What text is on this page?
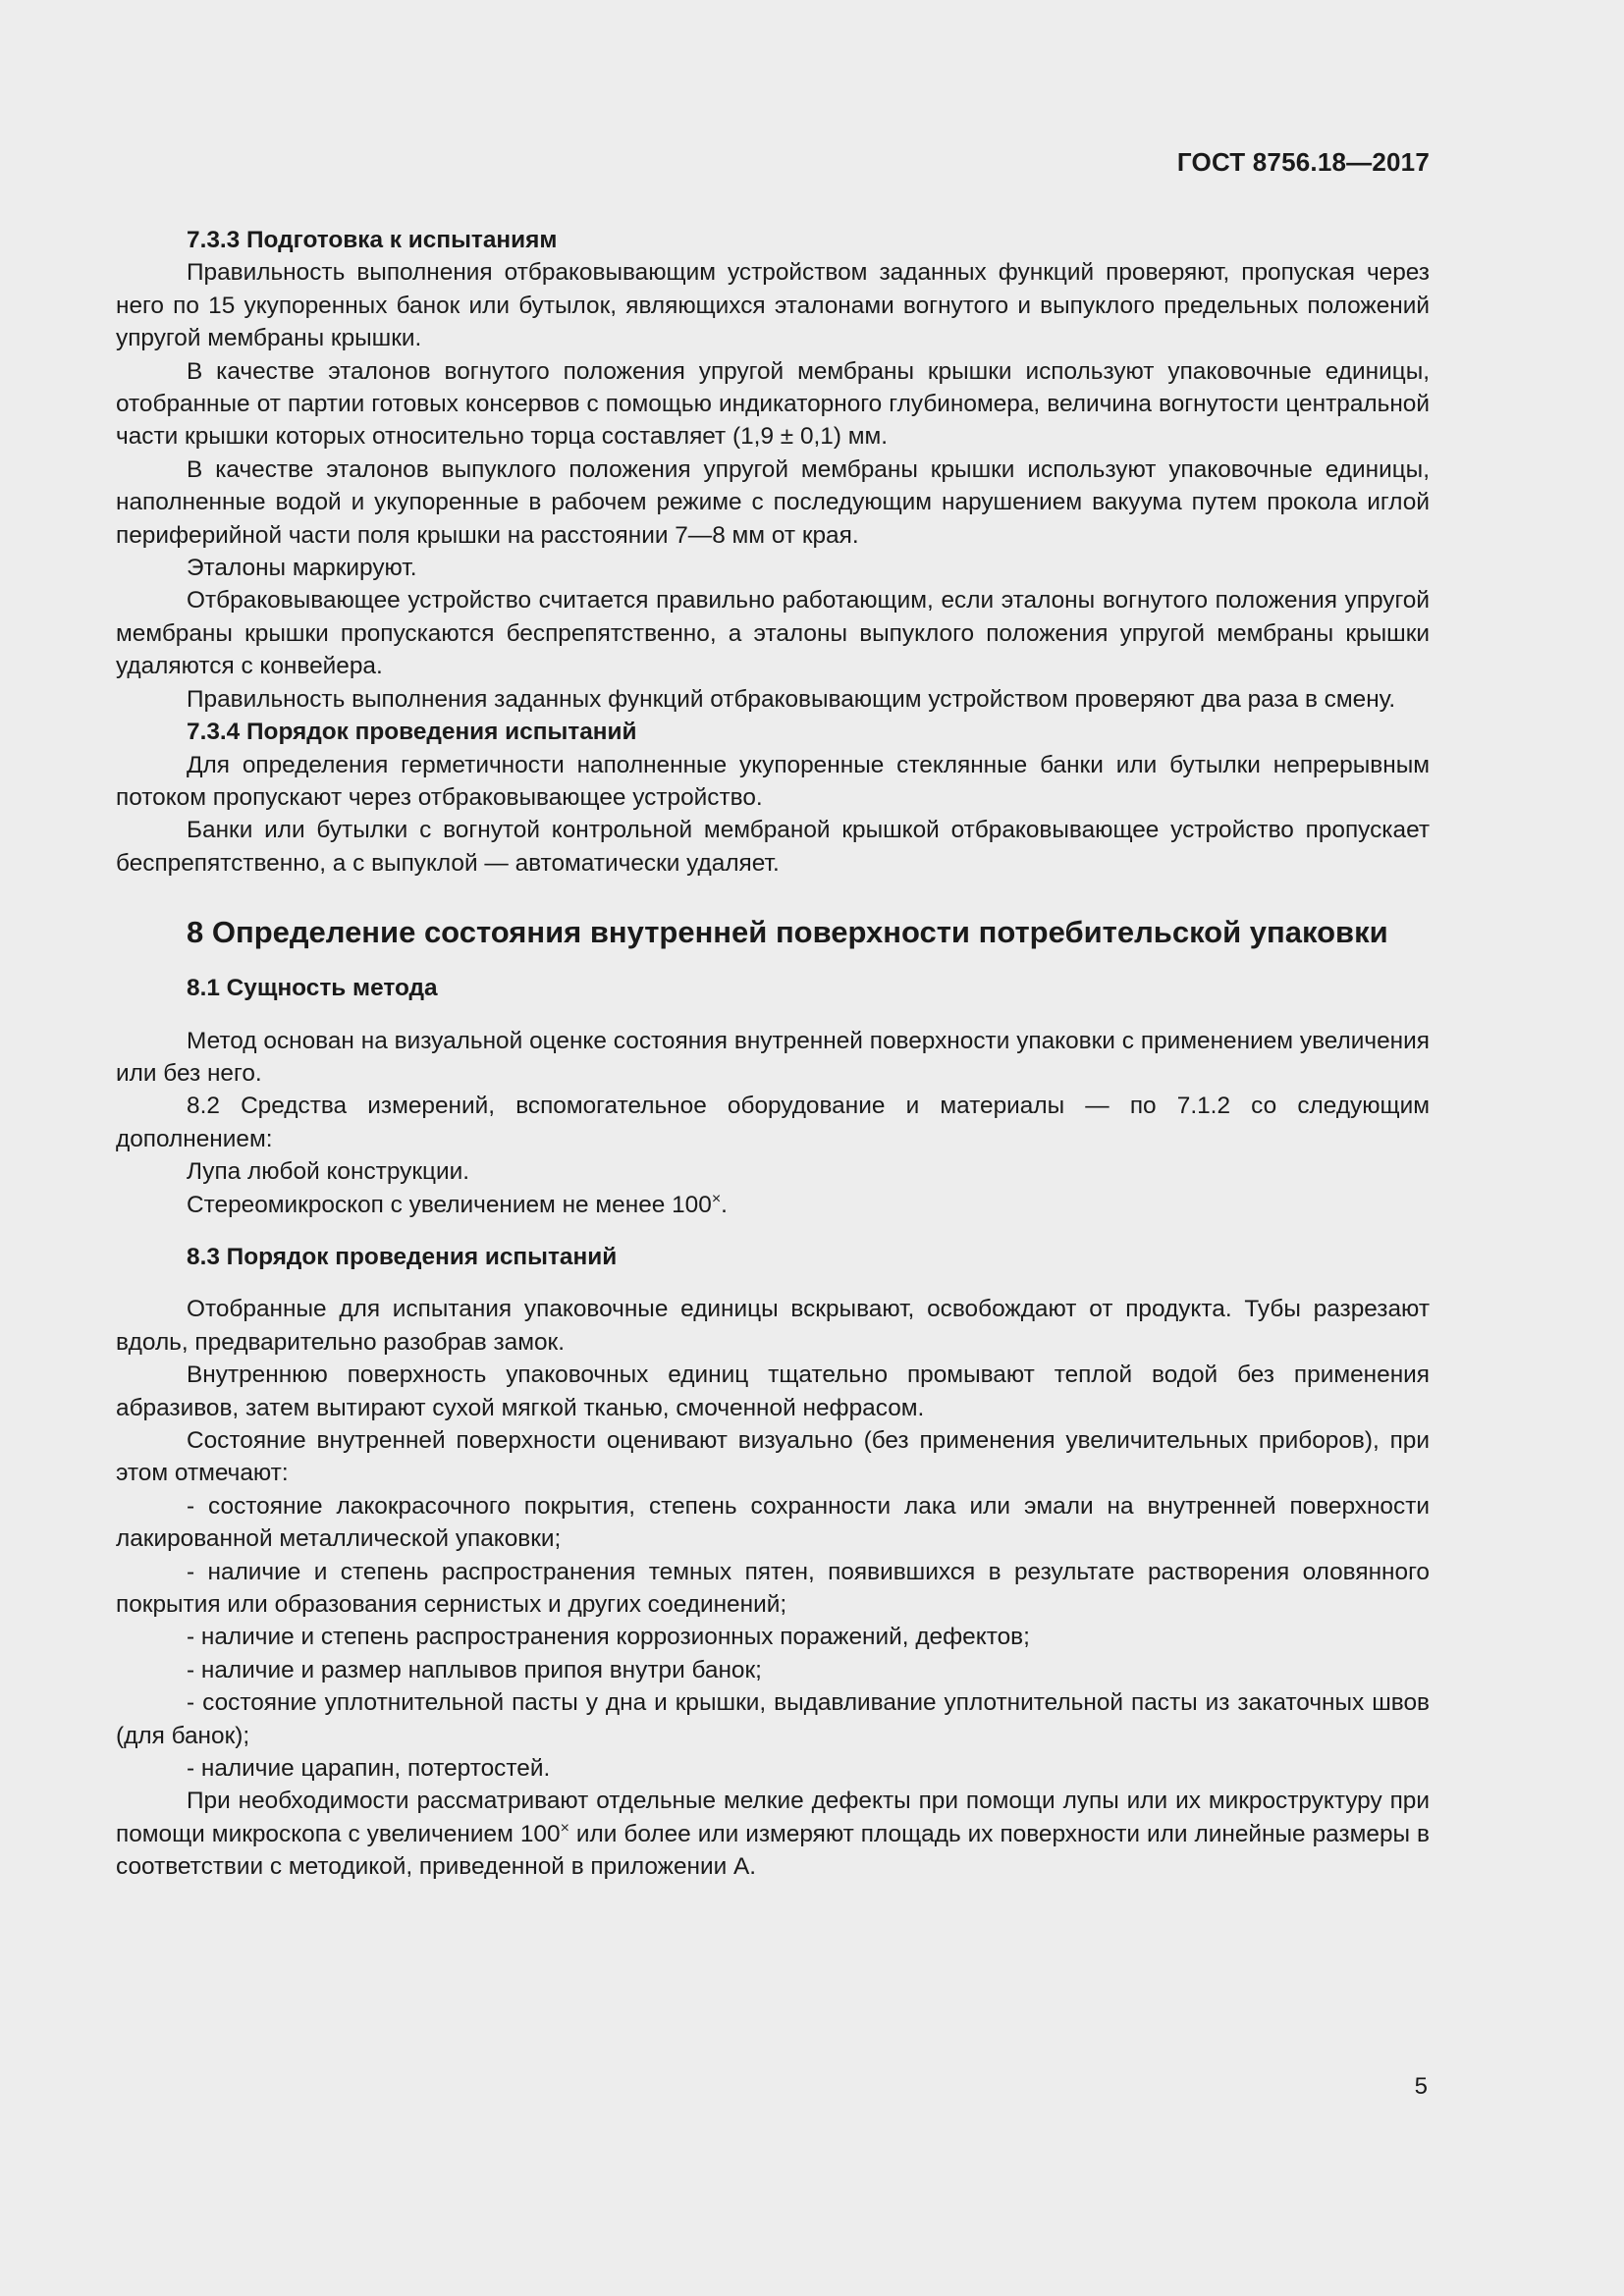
ГОСТ 8756.18—2017

7.3.3 Подготовка к испытаниям

Правильность выполнения отбраковывающим устройством заданных функций проверяют, пропуская через него по 15 укупоренных банок или бутылок, являющихся эталонами вогнутого и выпуклого предельных положений упругой мембраны крышки.

В качестве эталонов вогнутого положения упругой мембраны крышки используют упаковочные единицы, отобранные от партии готовых консервов с помощью индикаторного глубиномера, величина вогнутости центральной части крышки которых относительно торца составляет (1,9 ± 0,1) мм.

В качестве эталонов выпуклого положения упругой мембраны крышки используют упаковочные единицы, наполненные водой и укупоренные в рабочем режиме с последующим нарушением вакуума путем прокола иглой периферийной части поля крышки на расстоянии 7—8 мм от края.

Эталоны маркируют.

Отбраковывающее устройство считается правильно работающим, если эталоны вогнутого положения упругой мембраны крышки пропускаются беспрепятственно, а эталоны выпуклого положения упругой мембраны крышки удаляются с конвейера.

Правильность выполнения заданных функций отбраковывающим устройством проверяют два раза в смену.

7.3.4 Порядок проведения испытаний

Для определения герметичности наполненные укупоренные стеклянные банки или бутылки непрерывным потоком пропускают через отбраковывающее устройство.

Банки или бутылки с вогнутой контрольной мембраной крышкой отбраковывающее устройство пропускает беспрепятственно, а с выпуклой — автоматически удаляет.

8 Определение состояния внутренней поверхности потребительской упаковки

8.1 Сущность метода

Метод основан на визуальной оценке состояния внутренней поверхности упаковки с применением увеличения или без него.

8.2 Средства измерений, вспомогательное оборудование и материалы — по 7.1.2 со следующим дополнением:

Лупа любой конструкции.

Стереомикроскоп с увеличением не менее 100×.

8.3 Порядок проведения испытаний

Отобранные для испытания упаковочные единицы вскрывают, освобождают от продукта. Тубы разрезают вдоль, предварительно разобрав замок.

Внутреннюю поверхность упаковочных единиц тщательно промывают теплой водой без применения абразивов, затем вытирают сухой мягкой тканью, смоченной нефрасом.

Состояние внутренней поверхности оценивают визуально (без применения увеличительных приборов), при этом отмечают:

- состояние лакокрасочного покрытия, степень сохранности лака или эмали на внутренней поверхности лакированной металлической упаковки;

- наличие и степень распространения темных пятен, появившихся в результате растворения оловянного покрытия или образования сернистых и других соединений;

- наличие и степень распространения коррозионных поражений, дефектов;

- наличие и размер наплывов припоя внутри банок;

- состояние уплотнительной пасты у дна и крышки, выдавливание уплотнительной пасты из закаточных швов (для банок);

- наличие царапин, потертостей.

При необходимости рассматривают отдельные мелкие дефекты при помощи лупы или их микроструктуру при помощи микроскопа с увеличением 100× или более или измеряют площадь их поверхности или линейные размеры в соответствии с методикой, приведенной в приложении А.

5
